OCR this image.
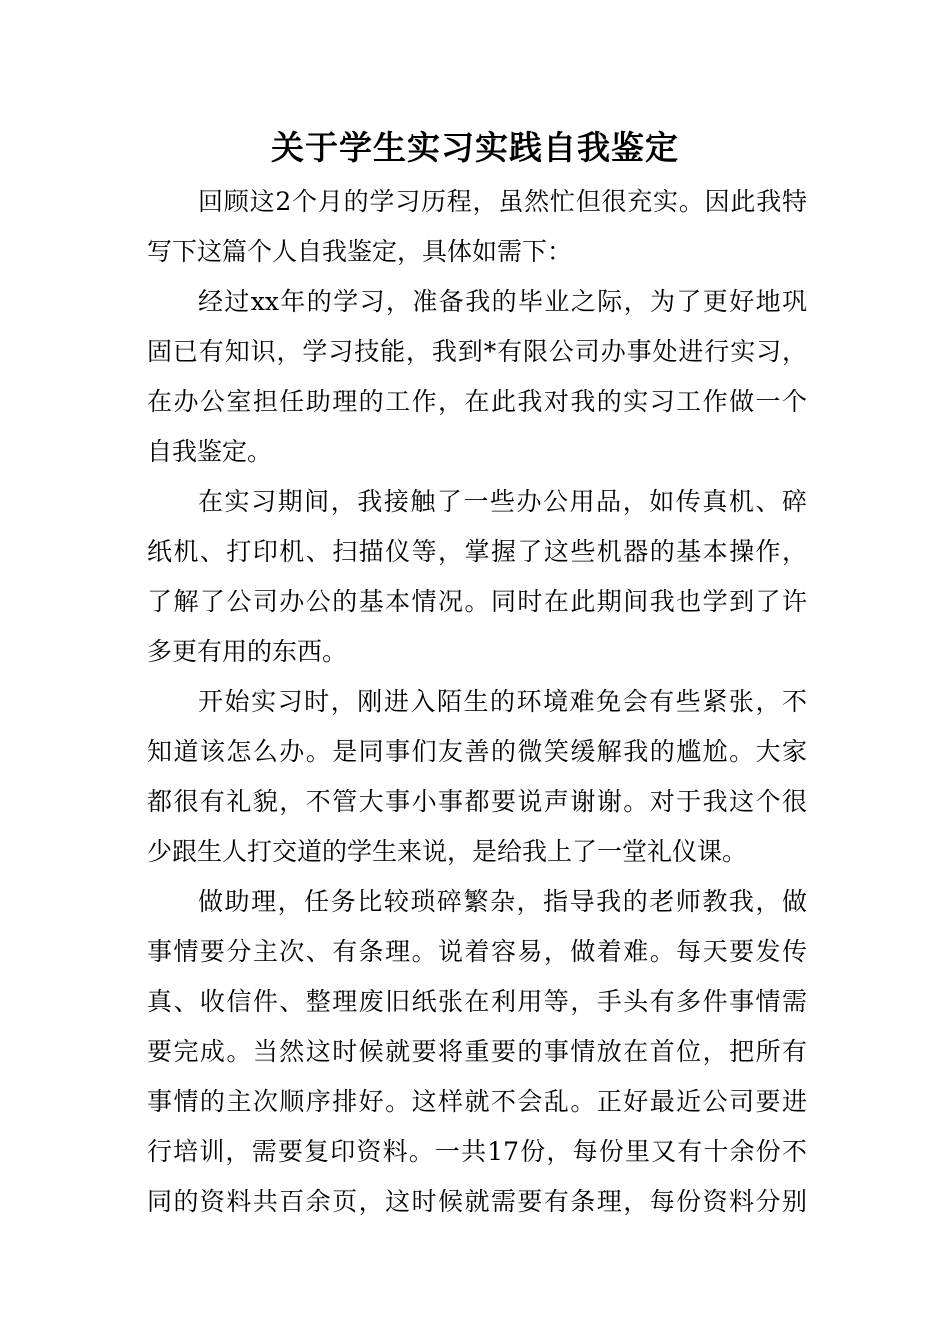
关于学生实习实践自我鉴定
回顾这2个月的学习历程，虽然忙但很充实。因此我特
写下这篇个人自我鉴定，具体如需下：
经过xx年的学习，准备我的毕业之际，为了更好地巩
固已有知识，学习技能，我到*有限公司办事处进行实习，
在办公室担任助理的工作，在此我对我的实习工作做一个
自我鉴定。
在实习期间，我接触了一些办公用品，如传真机、碎
纸机、打印机、扫描仪等，掌握了这些机器的基本操作，
了解了公司办公的基本情况。同时在此期间我也学到了许
多更有用的东西。
开始实习时，刚进入陌生的环境难免会有些紧张，不
知道该怎么办。是同事们友善的微笑缓解我的尴尬。大家
都很有礼貌，不管大事小事都要说声谢谢。对于我这个很
少跟生人打交道的学生来说，是给我上了一堂礼仪课。
做助理，任务比较琐碎繁杂，指导我的老师教我，做
事情要分主次、有条理。说着容易，做着难。每天要发传
真、收信件、整理废旧纸张在利用等，手头有多件事情需
要完成。当然这时候就要将重要的事情放在首位，把所有
事情的主次顺序排好。这样就不会乱。正好最近公司要进
行培训，需要复印资料。一共17份，每份里又有十余份不
同的资料共百余页，这时候就需要有条理，每份资料分别
